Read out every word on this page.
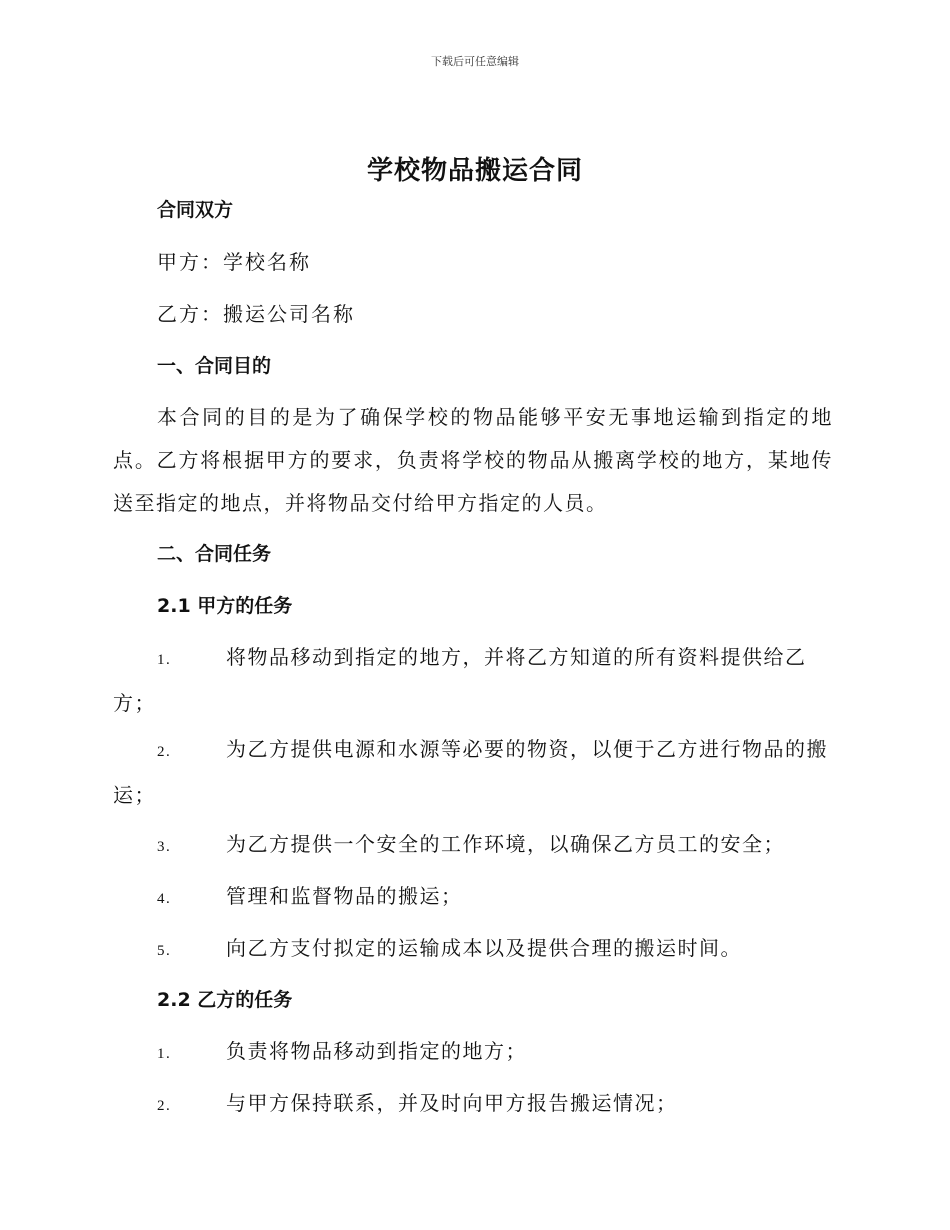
下载后可任意编辑
学校物品搬运合同
合同双方
甲方：学校名称
乙方：搬运公司名称
一、合同目的
本合同的目的是为了确保学校的物品能够平安无事地运输到指定的地点。乙方将根据甲方的要求，负责将学校的物品从搬离学校的地方，某地传送至指定的地点，并将物品交付给甲方指定的人员。
二、合同任务
2.1 甲方的任务
1.	将物品移动到指定的地方，并将乙方知道的所有资料提供给乙方；
2.	为乙方提供电源和水源等必要的物资，以便于乙方进行物品的搬运；
3.	为乙方提供一个安全的工作环境，以确保乙方员工的安全；
4.	管理和监督物品的搬运；
5.	向乙方支付拟定的运输成本以及提供合理的搬运时间。
2.2 乙方的任务
1.	负责将物品移动到指定的地方；
2.	与甲方保持联系，并及时向甲方报告搬运情况；
